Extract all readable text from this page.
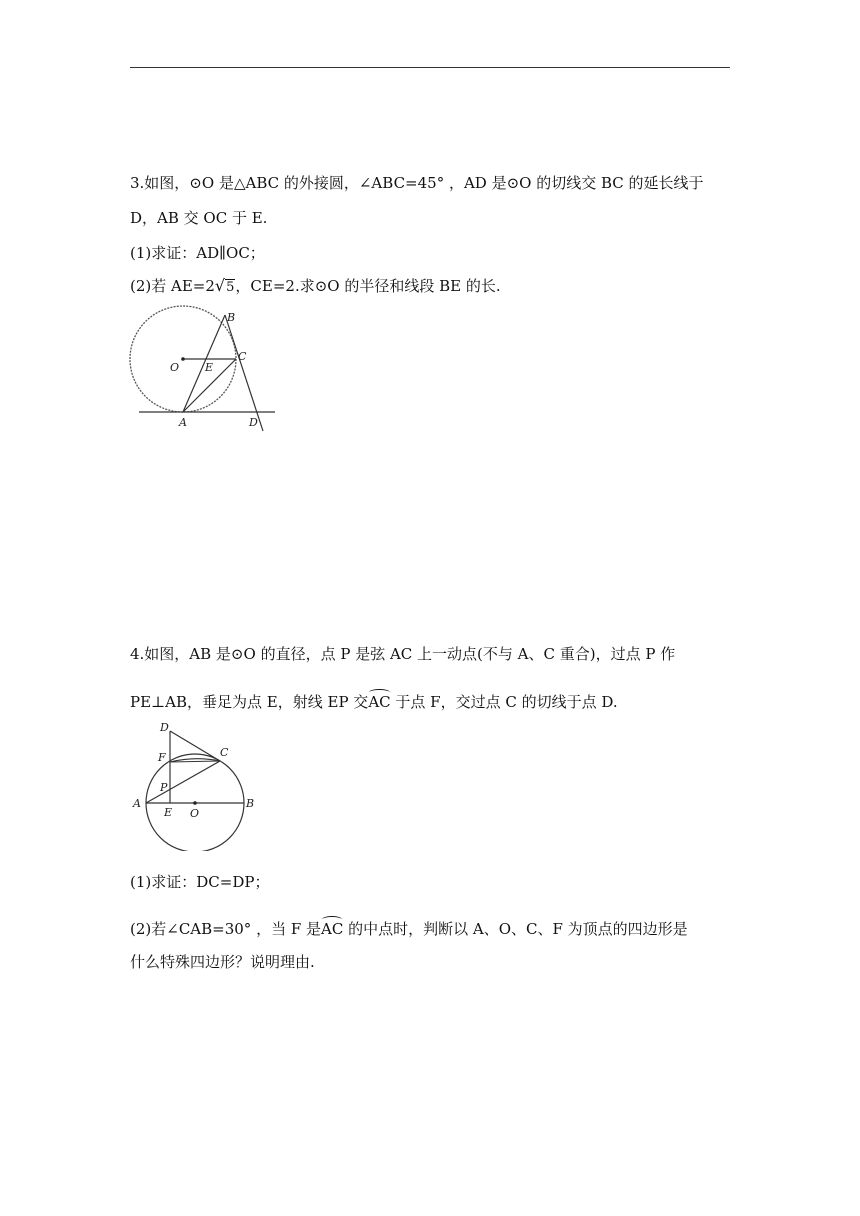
3.如图，⊙O 是△ABC 的外接圆，∠ABC=45° ，AD 是⊙O 的切线交 BC 的延长线于
D，AB 交 OC 于 E.
(1)求证：AD∥OC；
(2)若 AE=2√5，CE=2.求⊙O 的半径和线段 BE 的长.
B
O E
C
A	D
4.如图，AB 是⊙O 的直径，点 P 是弦 AC 上一动点(不与 A、C 重合)，过点 P 作
PE⊥AB，垂足为点 E，射线 EP 交AC 于点 F，交过点 C 的切线于点 D.
D
C
F
P
A
E O
B
(1)求证：DC=DP；
(2)若∠CAB=30° ，当 F 是AC 的中点时，判断以 A、O、C、F 为顶点的四边形是
什么特殊四边形？说明理由.
